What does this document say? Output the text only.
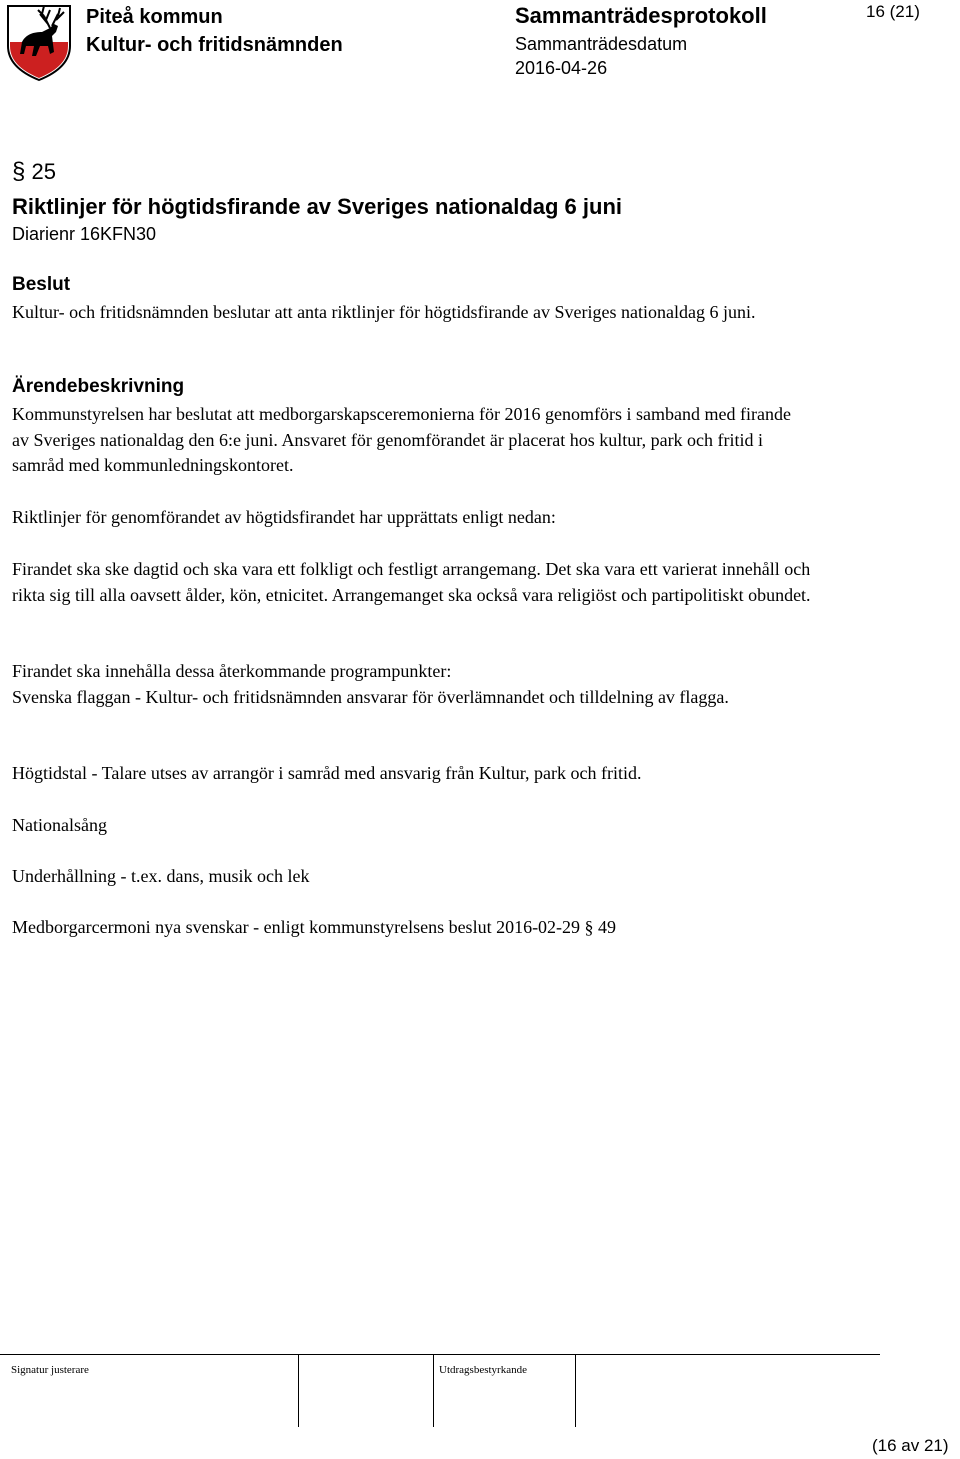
Piteå kommun
Kultur- och fritidsnämnden
Sammanträdesprotokoll
Sammanträdesdatum
2016-04-26
16 (21)
§ 25
Riktlinjer för högtidsfirande av Sveriges nationaldag 6 juni
Diarienr 16KFN30
Beslut
Kultur- och fritidsnämnden beslutar att anta riktlinjer för högtidsfirande av Sveriges nationaldag 6 juni.
Ärendebeskrivning
Kommunstyrelsen har beslutat att medborgarskapsceremonierna för 2016 genomförs i samband med firande av Sveriges nationaldag den 6:e juni. Ansvaret för genomförandet är placerat hos kultur, park och fritid i samråd med kommunledningskontoret.
Riktlinjer för genomförandet av högtidsfirandet har upprättats enligt nedan:
Firandet ska ske dagtid och ska vara ett folkligt och festligt arrangemang. Det ska vara ett varierat innehåll och rikta sig till alla oavsett ålder, kön, etnicitet. Arrangemanget ska också vara religiöst och partipolitiskt obundet.
Firandet ska innehålla dessa återkommande programpunkter:
Svenska flaggan - Kultur- och fritidsnämnden ansvarar för överlämnandet och tilldelning av flagga.
Högtidstal - Talare utses av arrangör i samråd med ansvarig från Kultur, park och fritid.
Nationalsång
Underhållning - t.ex. dans, musik och lek
Medborgarcermoni nya svenskar - enligt kommunstyrelsens beslut 2016-02-29 § 49
Signatur justerare	Utdragsbestyrkande
(16 av 21)
